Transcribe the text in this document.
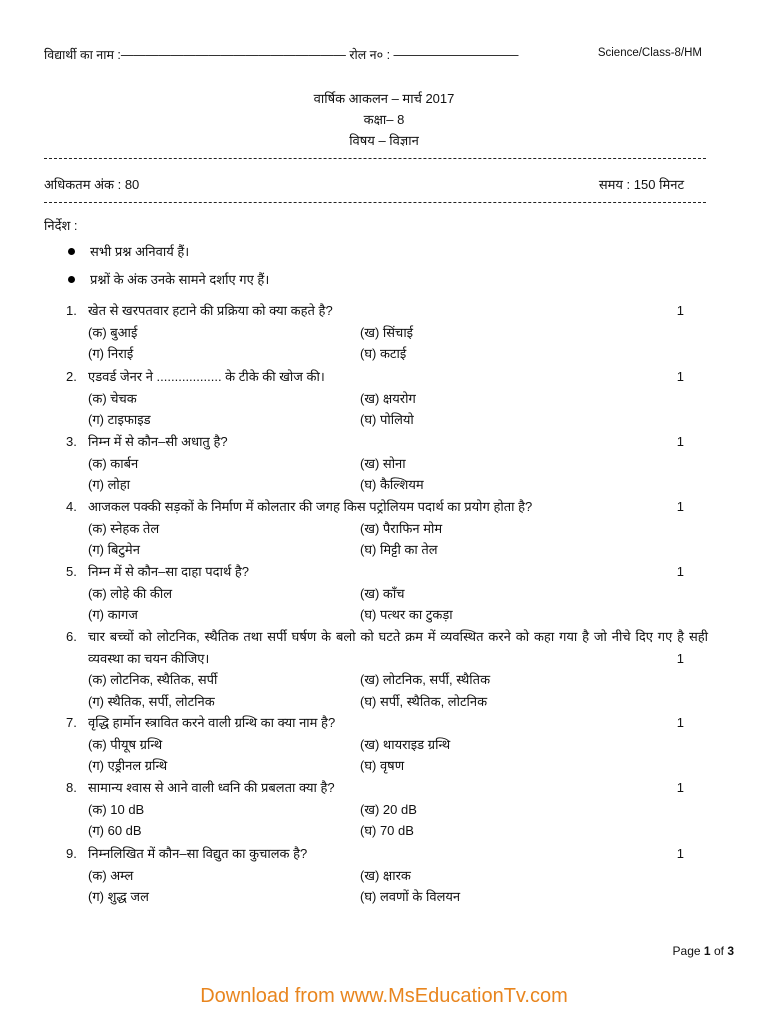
विद्यार्थी का नाम :—————————————————— रोल न० : ——————————	Science/Class-8/HM
वार्षिक आकलन – मार्च 2017
कक्षा– 8
विषय – विज्ञान
अधिकतम अंक : 80	समय : 150 मिनट
निर्देश :
सभी प्रश्न अनिवार्य हैं।
प्रश्नों के अंक उनके सामने दर्शाए गए हैं।
1. खेत से खरपतवार हटाने की प्रक्रिया को क्या कहते है?	1
(क) बुआई	(ख) सिंचाई
(ग) निराई	(घ) कटाई
2. एडवर्ड जेनर ने .................. के टीके की खोज की।	1
(क) चेचक	(ख) क्षयरोग
(ग) टाइफाइड	(घ) पोलियो
3. निम्न में से कौन–सी अधातु है?	1
(क) कार्बन	(ख) सोना
(ग) लोहा	(घ) कैल्शियम
4. आजकल पक्की सड़कों के निर्माण में कोलतार की जगह किस पट्रोलियम पदार्थ का प्रयोग होता है?	1
(क) स्नेहक तेल	(ख) पैराफिन मोम
(ग) बिटुमेन	(घ) मिट्टी का तेल
5. निम्न में से कौन–सा दाहा पदार्थ है?	1
(क) लोहे की कील	(ख) काँच
(ग) कागज	(घ) पत्थर का टुकड़ा
6. चार बच्चों को लोटनिक, स्थैतिक तथा सर्पी घर्षण के बलो को घटते क्रम में व्यवस्थित करने को कहा गया है जो नीचे दिए गए है सही व्यवस्था का चयन कीजिए।	1
(क) लोटनिक, स्थैतिक, सर्पी	(ख) लोटनिक, सर्पी, स्थैतिक
(ग) स्थैतिक, सर्पी, लोटनिक	(घ) सर्पी, स्थैतिक, लोटनिक
7. वृद्धि हार्मोन स्त्रावित करने वाली ग्रन्थि का क्या नाम है?	1
(क) पीयूष ग्रन्थि	(ख) थायराइड ग्रन्थि
(ग) एड्रीनल ग्रन्थि	(घ) वृषण
8. सामान्य श्वास से आने वाली ध्वनि की प्रबलता क्या है?	1
(क) 10 dB	(ख) 20 dB
(ग) 60 dB	(घ) 70 dB
9. निम्नलिखित में कौन–सा विद्युत का कुचालक है?	1
(क) अम्ल	(ख) क्षारक
(ग) शुद्ध जल	(घ) लवणों के विलयन
Page 1 of 3
Download from www.MsEducationTv.com
